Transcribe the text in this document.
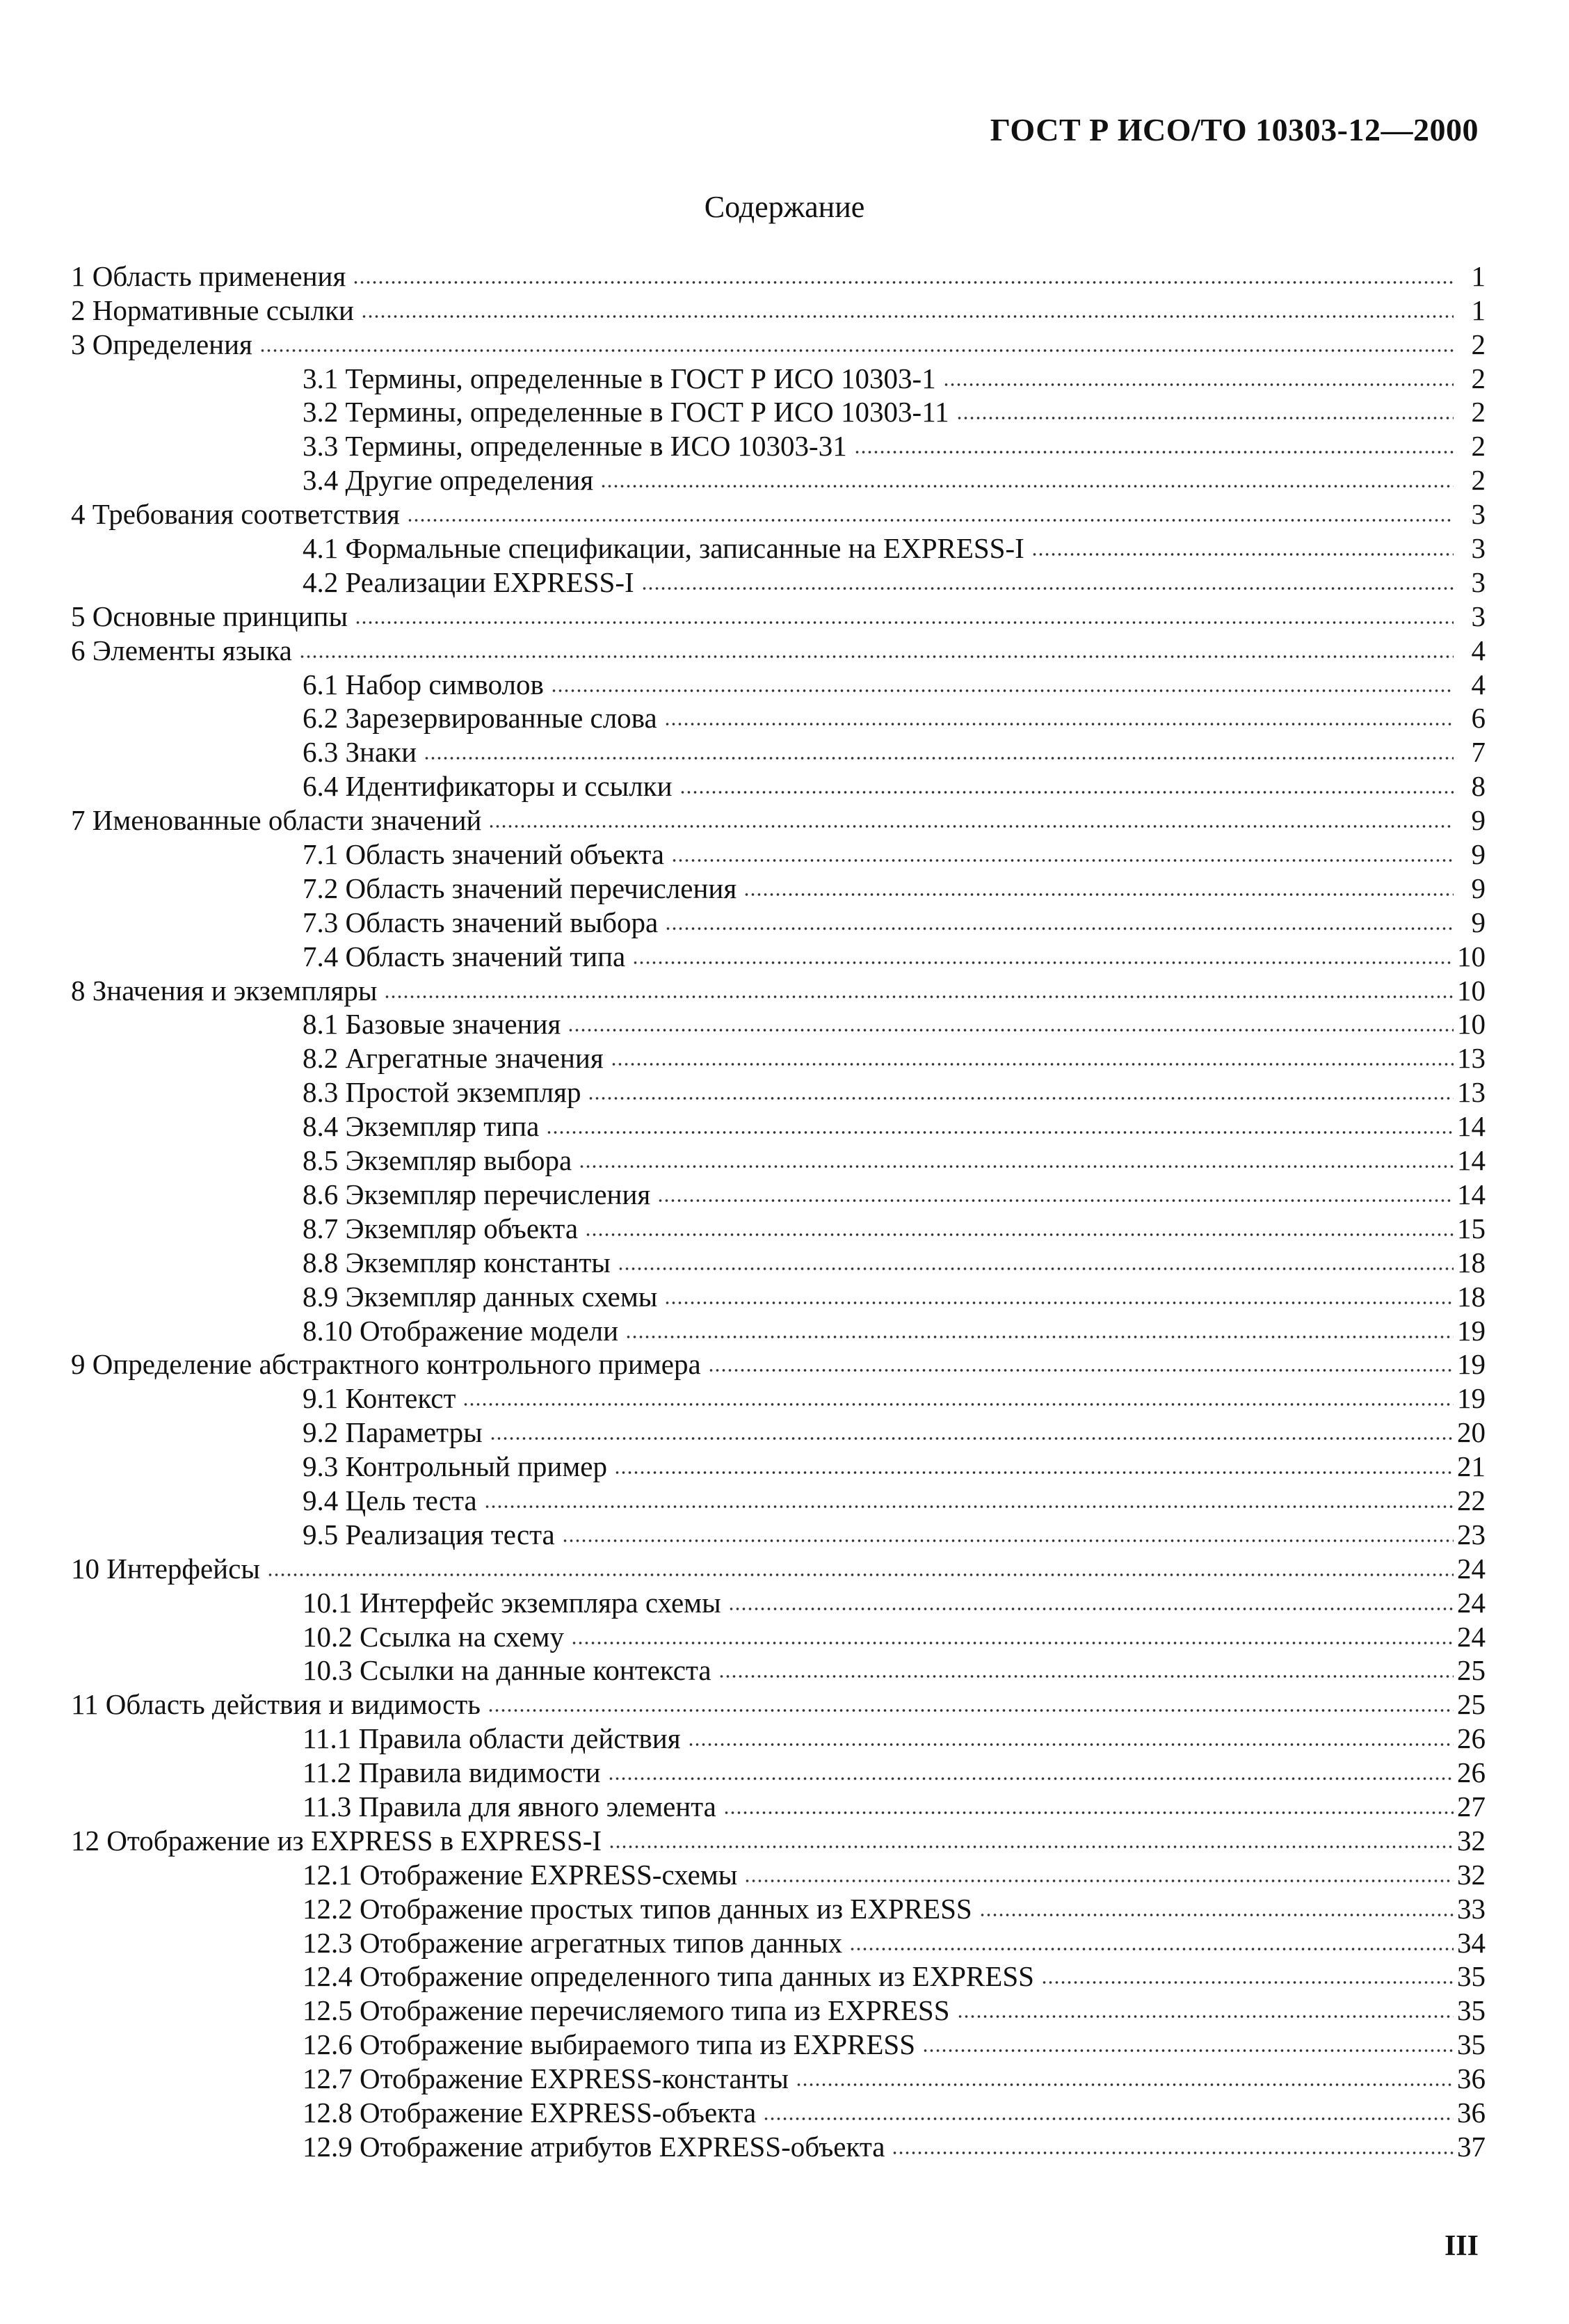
ГОСТ Р ИСО/ТО 10303-12—2000
Содержание
1 Область применения	1
2 Нормативные ссылки	1
3 Определения	2
3.1 Термины, определенные в ГОСТ Р ИСО 10303-1	2
3.2 Термины, определенные в ГОСТ Р ИСО 10303-11	2
3.3 Термины, определенные в ИСО 10303-31	2
3.4 Другие определения	2
4 Требования соответствия	3
4.1 Формальные спецификации, записанные на EXPRESS-I	3
4.2 Реализации EXPRESS-I	3
5 Основные принципы	3
6 Элементы языка	4
6.1 Набор символов	4
6.2 Зарезервированные слова	6
6.3 Знаки	7
6.4 Идентификаторы и ссылки	8
7 Именованные области значений	9
7.1 Область значений объекта	9
7.2 Область значений перечисления	9
7.3 Область значений выбора	9
7.4 Область значений типа	10
8 Значения и экземпляры	10
8.1 Базовые значения	10
8.2 Агрегатные значения	13
8.3 Простой экземпляр	13
8.4 Экземпляр типа	14
8.5 Экземпляр выбора	14
8.6 Экземпляр перечисления	14
8.7 Экземпляр объекта	15
8.8 Экземпляр константы	18
8.9 Экземпляр данных схемы	18
8.10 Отображение модели	19
9 Определение абстрактного контрольного примера	19
9.1 Контекст	19
9.2 Параметры	20
9.3 Контрольный пример	21
9.4 Цель теста	22
9.5 Реализация теста	23
10 Интерфейсы	24
10.1 Интерфейс экземпляра схемы	24
10.2 Ссылка на схему	24
10.3 Ссылки на данные контекста	25
11 Область действия и видимость	25
11.1 Правила области действия	26
11.2 Правила видимости	26
11.3 Правила для явного элемента	27
12 Отображение из EXPRESS в EXPRESS-I	32
12.1 Отображение EXPRESS-схемы	32
12.2 Отображение простых типов данных из EXPRESS	33
12.3 Отображение агрегатных типов данных	34
12.4 Отображение определенного типа данных из EXPRESS	35
12.5 Отображение перечисляемого типа из EXPRESS	35
12.6 Отображение выбираемого типа из EXPRESS	35
12.7 Отображение EXPRESS-константы	36
12.8 Отображение EXPRESS-объекта	36
12.9 Отображение атрибутов EXPRESS-объекта	37
III
